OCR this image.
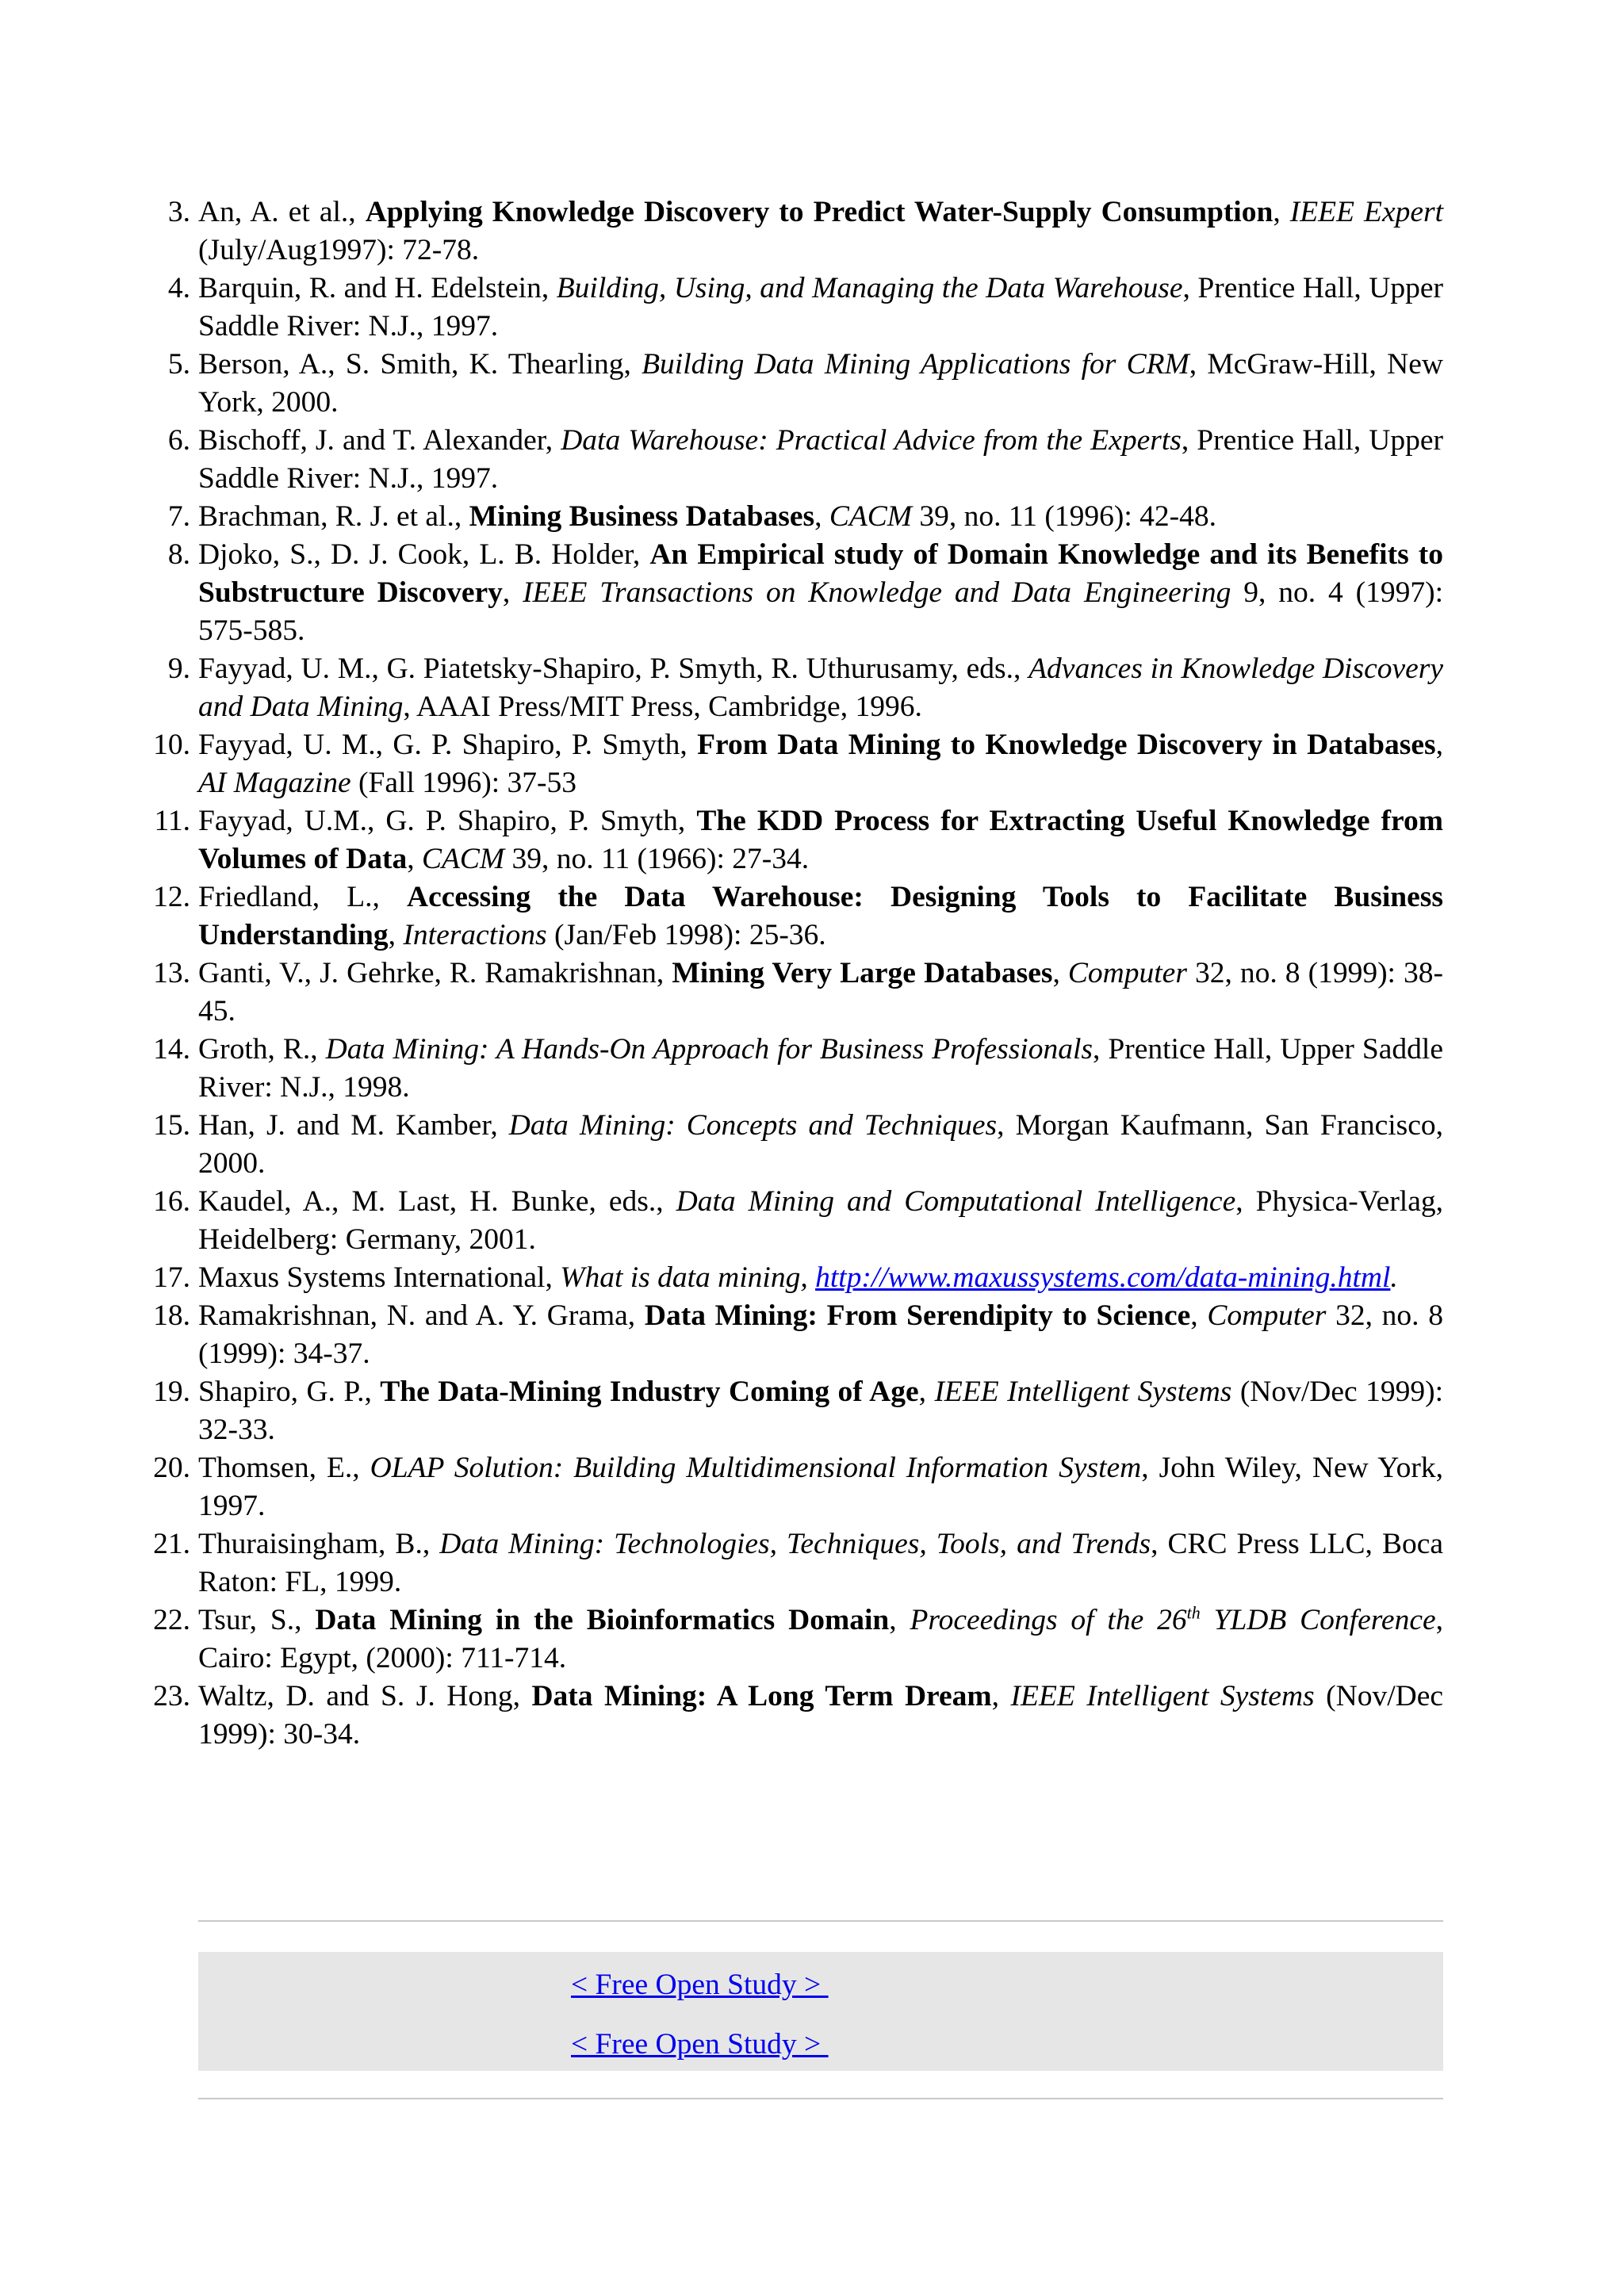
3. An, A. et al., Applying Knowledge Discovery to Predict Water-Supply Consumption, IEEE Expert (July/Aug1997): 72-78.
4. Barquin, R. and H. Edelstein, Building, Using, and Managing the Data Warehouse, Prentice Hall, Upper Saddle River: N.J., 1997.
5. Berson, A., S. Smith, K. Thearling, Building Data Mining Applications for CRM, McGraw-Hill, New York, 2000.
6. Bischoff, J. and T. Alexander, Data Warehouse: Practical Advice from the Experts, Prentice Hall, Upper Saddle River: N.J., 1997.
7. Brachman, R. J. et al., Mining Business Databases, CACM 39, no. 11 (1996): 42-48.
8. Djoko, S., D. J. Cook, L. B. Holder, An Empirical study of Domain Knowledge and its Benefits to Substructure Discovery, IEEE Transactions on Knowledge and Data Engineering 9, no. 4 (1997): 575-585.
9. Fayyad, U. M., G. Piatetsky-Shapiro, P. Smyth, R. Uthurusamy, eds., Advances in Knowledge Discovery and Data Mining, AAAI Press/MIT Press, Cambridge, 1996.
10. Fayyad, U. M., G. P. Shapiro, P. Smyth, From Data Mining to Knowledge Discovery in Databases, AI Magazine (Fall 1996): 37-53
11. Fayyad, U.M., G. P. Shapiro, P. Smyth, The KDD Process for Extracting Useful Knowledge from Volumes of Data, CACM 39, no. 11 (1966): 27-34.
12. Friedland, L., Accessing the Data Warehouse: Designing Tools to Facilitate Business Understanding, Interactions (Jan/Feb 1998): 25-36.
13. Ganti, V., J. Gehrke, R. Ramakrishnan, Mining Very Large Databases, Computer 32, no. 8 (1999): 38-45.
14. Groth, R., Data Mining: A Hands-On Approach for Business Professionals, Prentice Hall, Upper Saddle River: N.J., 1998.
15. Han, J. and M. Kamber, Data Mining: Concepts and Techniques, Morgan Kaufmann, San Francisco, 2000.
16. Kaudel, A., M. Last, H. Bunke, eds., Data Mining and Computational Intelligence, Physica-Verlag, Heidelberg: Germany, 2001.
17. Maxus Systems International, What is data mining, http://www.maxussystems.com/data-mining.html.
18. Ramakrishnan, N. and A. Y. Grama, Data Mining: From Serendipity to Science, Computer 32, no. 8 (1999): 34-37.
19. Shapiro, G. P., The Data-Mining Industry Coming of Age, IEEE Intelligent Systems (Nov/Dec 1999): 32-33.
20. Thomsen, E., OLAP Solution: Building Multidimensional Information System, John Wiley, New York, 1997.
21. Thuraisingham, B., Data Mining: Technologies, Techniques, Tools, and Trends, CRC Press LLC, Boca Raton: FL, 1999.
22. Tsur, S., Data Mining in the Bioinformatics Domain, Proceedings of the 26th YLDB Conference, Cairo: Egypt, (2000): 711-714.
23. Waltz, D. and S. J. Hong, Data Mining: A Long Term Dream, IEEE Intelligent Systems (Nov/Dec 1999): 30-34.
< Free Open Study >
< Free Open Study >
